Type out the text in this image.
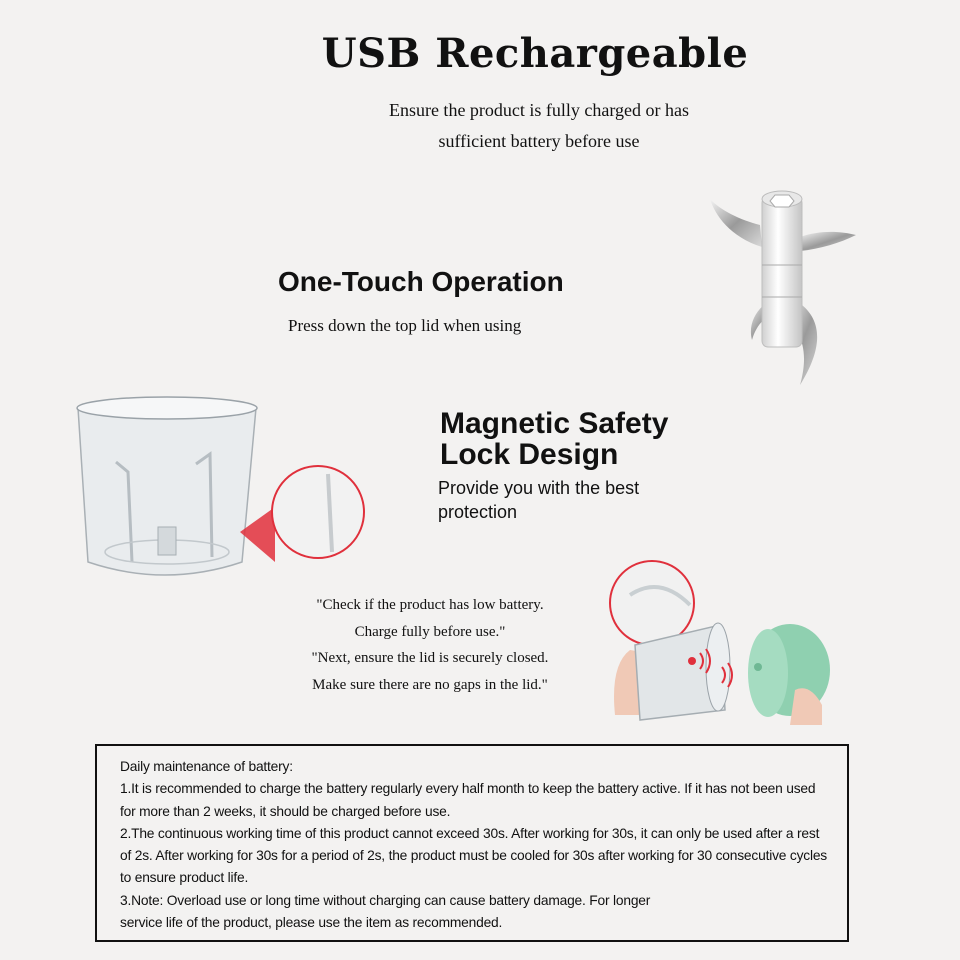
USB Rechargeable
Ensure the product is fully charged or has
sufficient battery before use
One-Touch Operation
Press down the top lid when using
Magnetic Safety
Lock Design
Provide you with the best
protection
"Check if the product has low battery.
Charge fully before use."
"Next, ensure the lid is securely closed.
Make sure there are no gaps in the lid."
Daily maintenance of battery:
1.It is recommended to charge the battery regularly every half month to keep the battery active. If it has not been used
for more than 2 weeks, it should be charged before use.
2.The continuous working time of this product cannot exceed 30s. After working for 30s, it can only be used after a rest
of 2s. After working for 30s for a period of 2s, the product must be cooled for 30s after working for 30 consecutive cycles
to ensure product life.
3.Note: Overload use or long time without charging can cause battery damage. For longer
service life of the product, please use the item as recommended.
